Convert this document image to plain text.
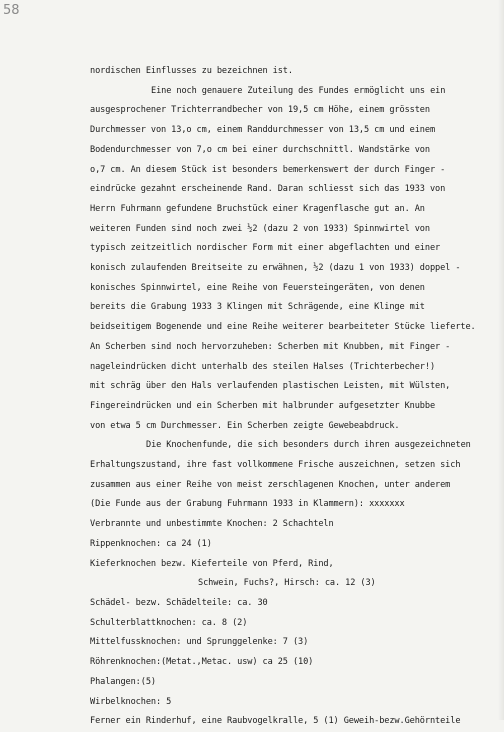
58
nordischen Einflusses zu bezeichnen ist.
Eine noch genauere Zuteilung des Fundes ermöglicht uns ein
ausgesprochener Trichterrandbecher von 19,5 cm Höhe, einem grössten
Durchmesser von 13,o cm, einem Randdurchmesser von 13,5 cm und einem
Bodendurchmesser von 7,o cm bei einer durchschnittl. Wandstärke von
o,7 cm. An diesem Stück ist besonders bemerkenswert der durch Finger -
eindrücke gezahnt erscheinende Rand. Daran schliesst sich das 1933 von
Herrn Fuhrmann gefundene Bruchstück einer Kragenflasche gut an. An
weiteren Funden sind noch zwei ½2 (dazu 2 von 1933) Spinnwirtel von
typisch zeitzeitlich nordischer Form mit einer abgeflachten und einer
konisch zulaufenden Breitseite zu erwähnen, ½2 (dazu 1 von 1933) doppel -
konisches Spinnwirtel, eine Reihe von Feuersteingeräten, von denen
bereits die Grabung 1933 3 Klingen mit Schrägende, eine Klinge mit
beidseitigem Bogenende und eine Reihe weiterer bearbeiteter Stücke lieferte.
An Scherben sind noch hervorzuheben: Scherben mit Knubben, mit Finger -
nageleindrücken dicht unterhalb des steilen Halses (Trichterbecher!)
mit schräg über den Hals verlaufenden plastischen Leisten, mit Wülsten,
Fingereindrücken und ein Scherben mit halbrunder aufgesetzter Knubbe
von etwa 5 cm Durchmesser. Ein Scherben zeigte Gewebeabdruck.
Die Knochenfunde, die sich besonders durch ihren ausgezeichneten
Erhaltungszustand, ihre fast vollkommene Frische auszeichnen, setzen sich
zusammen aus einer Reihe von meist zerschlagenen Knochen, unter anderem
(Die Funde aus der Grabung Fuhrmann 1933 in Klammern): xxxxxxx
Verbrannte und unbestimmte Knochen: 2 Schachteln
Rippenknochen: ca 24 (1)
Kieferknochen bezw. Kieferteile von Pferd, Rind,
Schwein, Fuchs?, Hirsch: ca. 12 (3)
Schädel- bezw. Schädelteile: ca. 30
Schulterblattknochen: ca. 8 (2)
Mittelfussknochen: und Sprunggelenke: 7 (3)
Röhrenknochen:(Metat.,Metac. usw) ca 25 (10)
Phalangen:(5)
Wirbelknochen: 5
Ferner ein Rinderhuf, eine Raubvogelkralle, 5 (1) Geweih-bezw.Gehörnteile
